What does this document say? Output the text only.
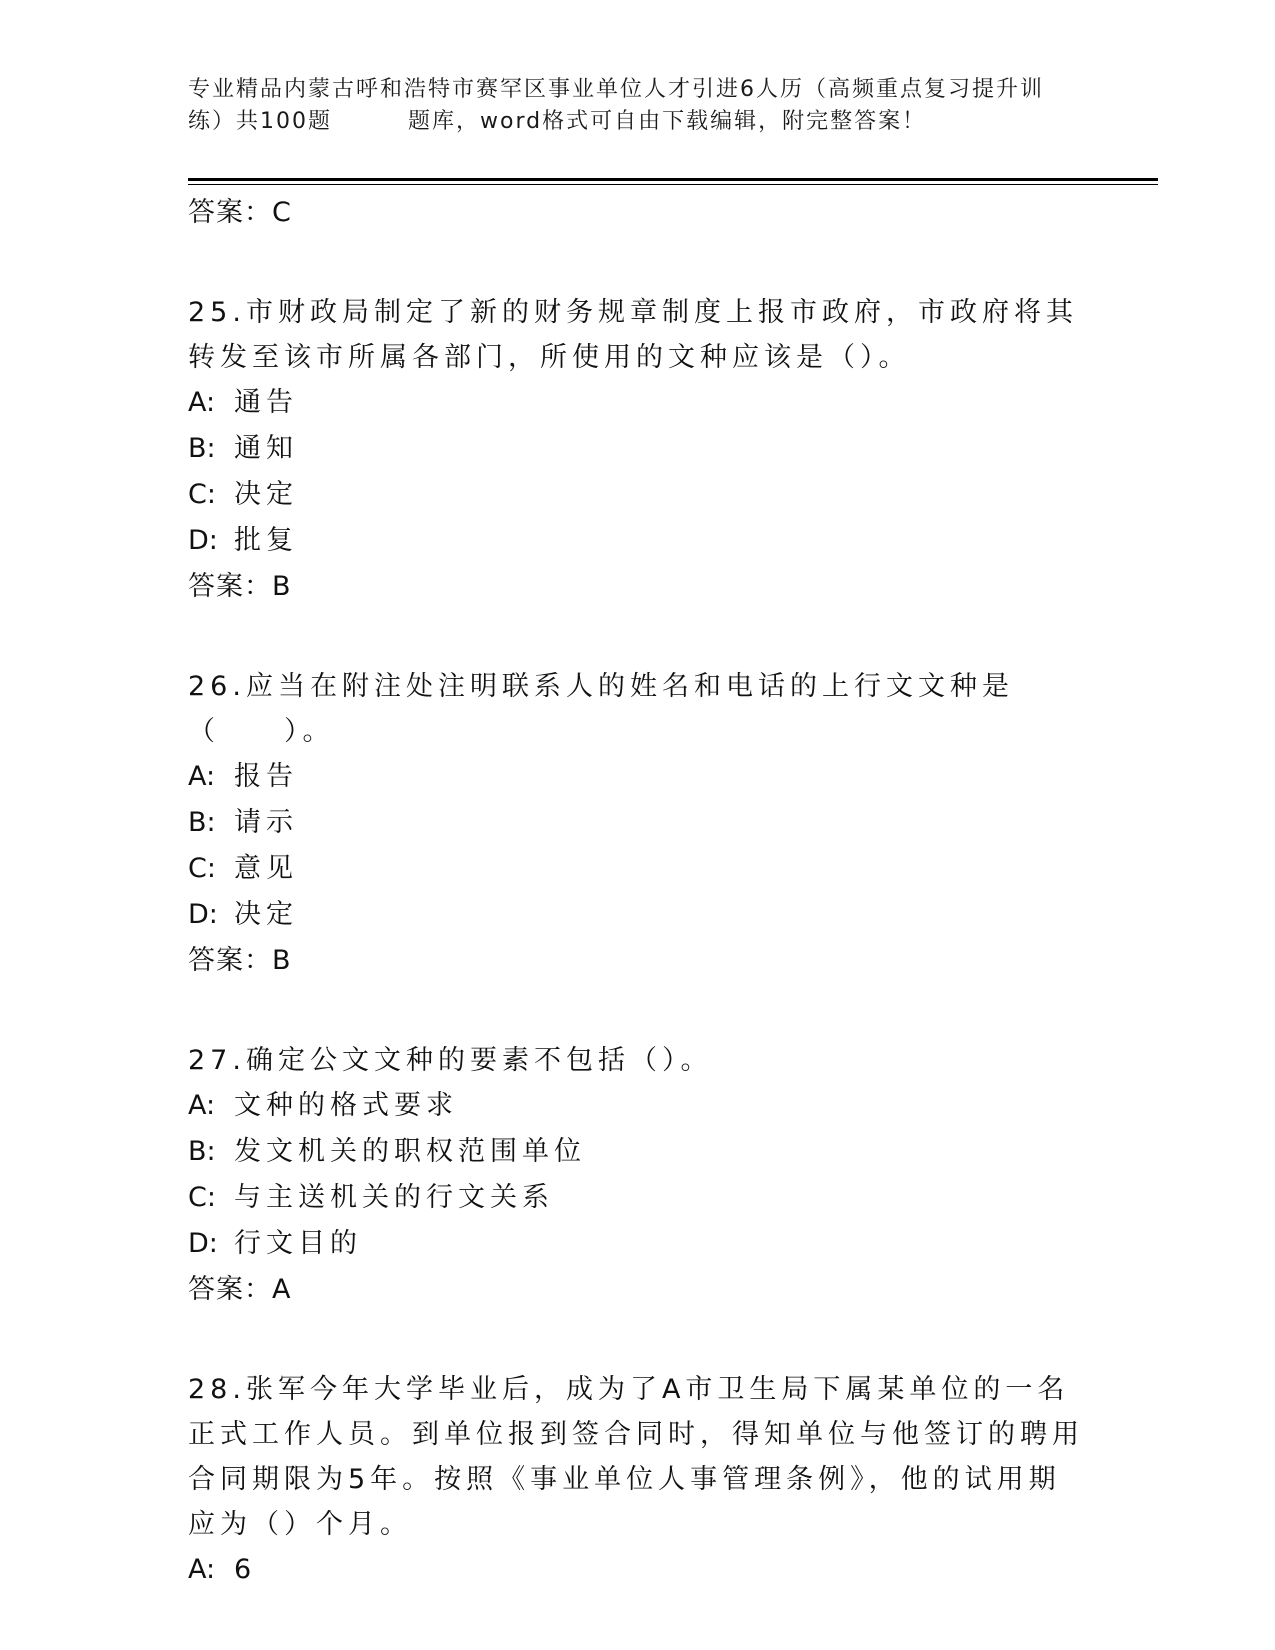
专业精品内蒙古呼和浩特市赛罕区事业单位人才引进6人历（高频重点复习提升训
练）共100题	题库，word格式可自由下载编辑，附完整答案！
答案：C
25.市财政局制定了新的财务规章制度上报市政府，市政府将其转发至该市所属各部门，所使用的文种应该是（）。
A: 通告
B: 通知
C: 决定
D: 批复
答案：B
26.应当在附注处注明联系人的姓名和电话的上行文文种是（　　）。
A: 报告
B: 请示
C: 意见
D: 决定
答案：B
27.确定公文文种的要素不包括（）。
A: 文种的格式要求
B: 发文机关的职权范围单位
C: 与主送机关的行文关系
D: 行文目的
答案：A
28.张军今年大学毕业后，成为了A市卫生局下属某单位的一名正式工作人员。到单位报到签合同时，得知单位与他签订的聘用合同期限为5年。按照《事业单位人事管理条例》，他的试用期应为（）个月。
A: 6
